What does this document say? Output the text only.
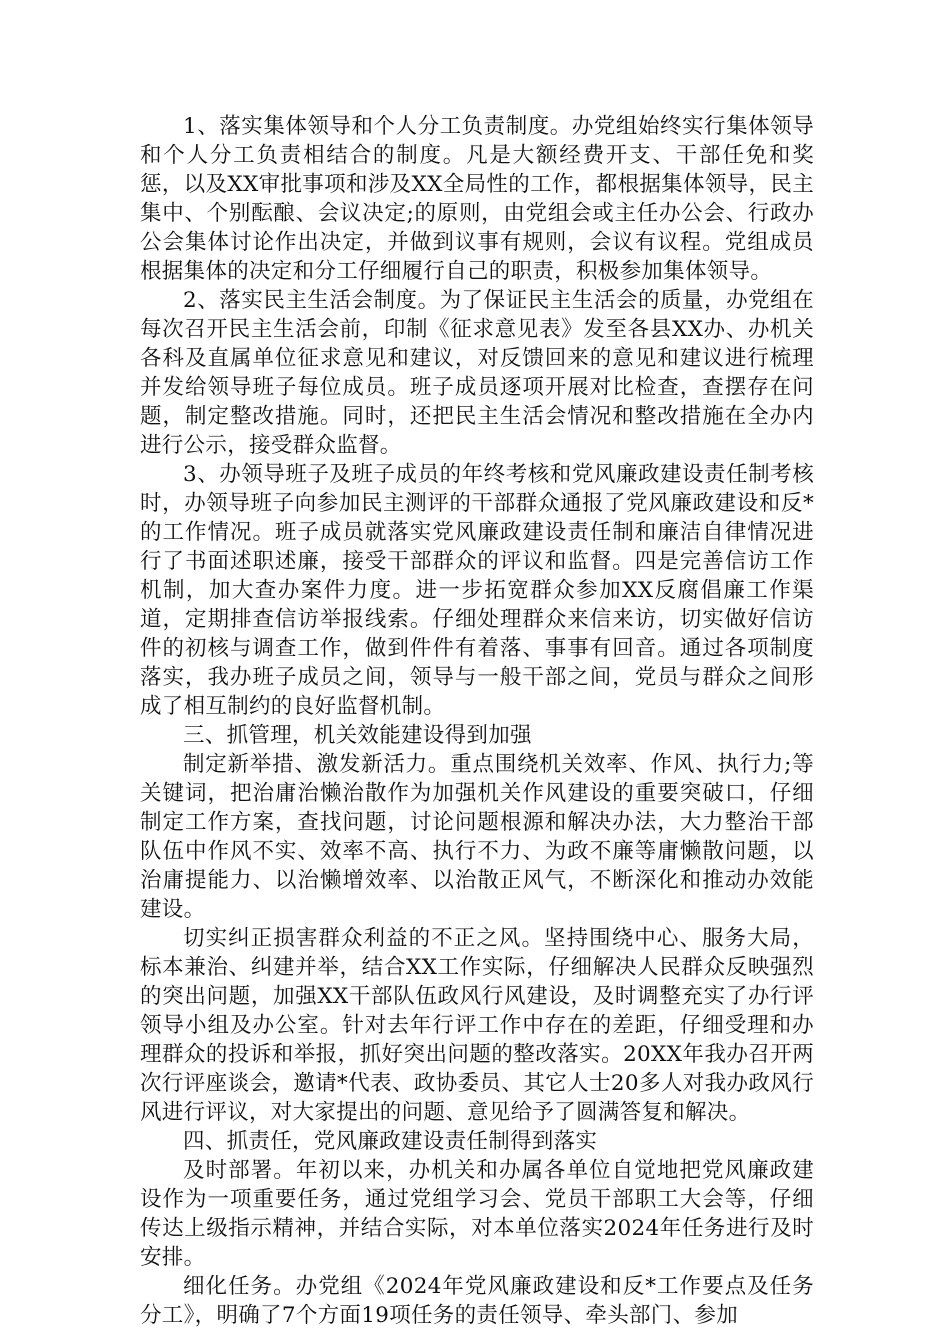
1、落实集体领导和个人分工负责制度。办党组始终实行集体领导和个人分工负责相结合的制度。凡是大额经费开支、干部任免和奖惩，以及XX审批事项和涉及XX全局性的工作，都根据集体领导，民主集中、个别酝酿、会议决定;的原则，由党组会或主任办公会、行政办公会集体讨论作出决定，并做到议事有规则，会议有议程。党组成员根据集体的决定和分工仔细履行自己的职责，积极参加集体领导。

2、落实民主生活会制度。为了保证民主生活会的质量，办党组在每次召开民主生活会前，印制《征求意见表》发至各县XX办、办机关各科及直属单位征求意见和建议，对反馈回来的意见和建议进行梳理并发给领导班子每位成员。班子成员逐项开展对比检查，查摆存在问题，制定整改措施。同时，还把民主生活会情况和整改措施在全办内进行公示，接受群众监督。

3、办领导班子及班子成员的年终考核和党风廉政建设责任制考核时，办领导班子向参加民主测评的干部群众通报了党风廉政建设和反*的工作情况。班子成员就落实党风廉政建设责任制和廉洁自律情况进行了书面述职述廉，接受干部群众的评议和监督。四是完善信访工作机制，加大查办案件力度。进一步拓宽群众参加XX反腐倡廉工作渠道，定期排查信访举报线索。仔细处理群众来信来访，切实做好信访件的初核与调查工作，做到件件有着落、事事有回音。通过各项制度落实，我办班子成员之间，领导与一般干部之间，党员与群众之间形成了相互制约的良好监督机制。

三、抓管理，机关效能建设得到加强

制定新举措、激发新活力。重点围绕机关效率、作风、执行力;等关键词，把治庸治懒治散作为加强机关作风建设的重要突破口，仔细制定工作方案，查找问题，讨论问题根源和解决办法，大力整治干部队伍中作风不实、效率不高、执行不力、为政不廉等庸懒散问题，以治庸提能力、以治懒增效率、以治散正风气，不断深化和推动办效能建设。

切实纠正损害群众利益的不正之风。坚持围绕中心、服务大局，标本兼治、纠建并举，结合XX工作实际，仔细解决人民群众反映强烈的突出问题，加强XX干部队伍政风行风建设，及时调整充实了办行评领导小组及办公室。针对去年行评工作中存在的差距，仔细受理和办理群众的投诉和举报，抓好突出问题的整改落实。20XX年我办召开两次行评座谈会，邀请*代表、政协委员、其它人士20多人对我办政风行风进行评议，对大家提出的问题、意见给予了圆满答复和解决。

四、抓责任，党风廉政建设责任制得到落实

及时部署。年初以来，办机关和办属各单位自觉地把党风廉政建设作为一项重要任务，通过党组学习会、党员干部职工大会等，仔细传达上级指示精神，并结合实际，对本单位落实2024年任务进行及时安排。

细化任务。办党组《2024年党风廉政建设和反*工作要点及任务分工》，明确了7个方面19项任务的责任领导、牵头部门、参加
